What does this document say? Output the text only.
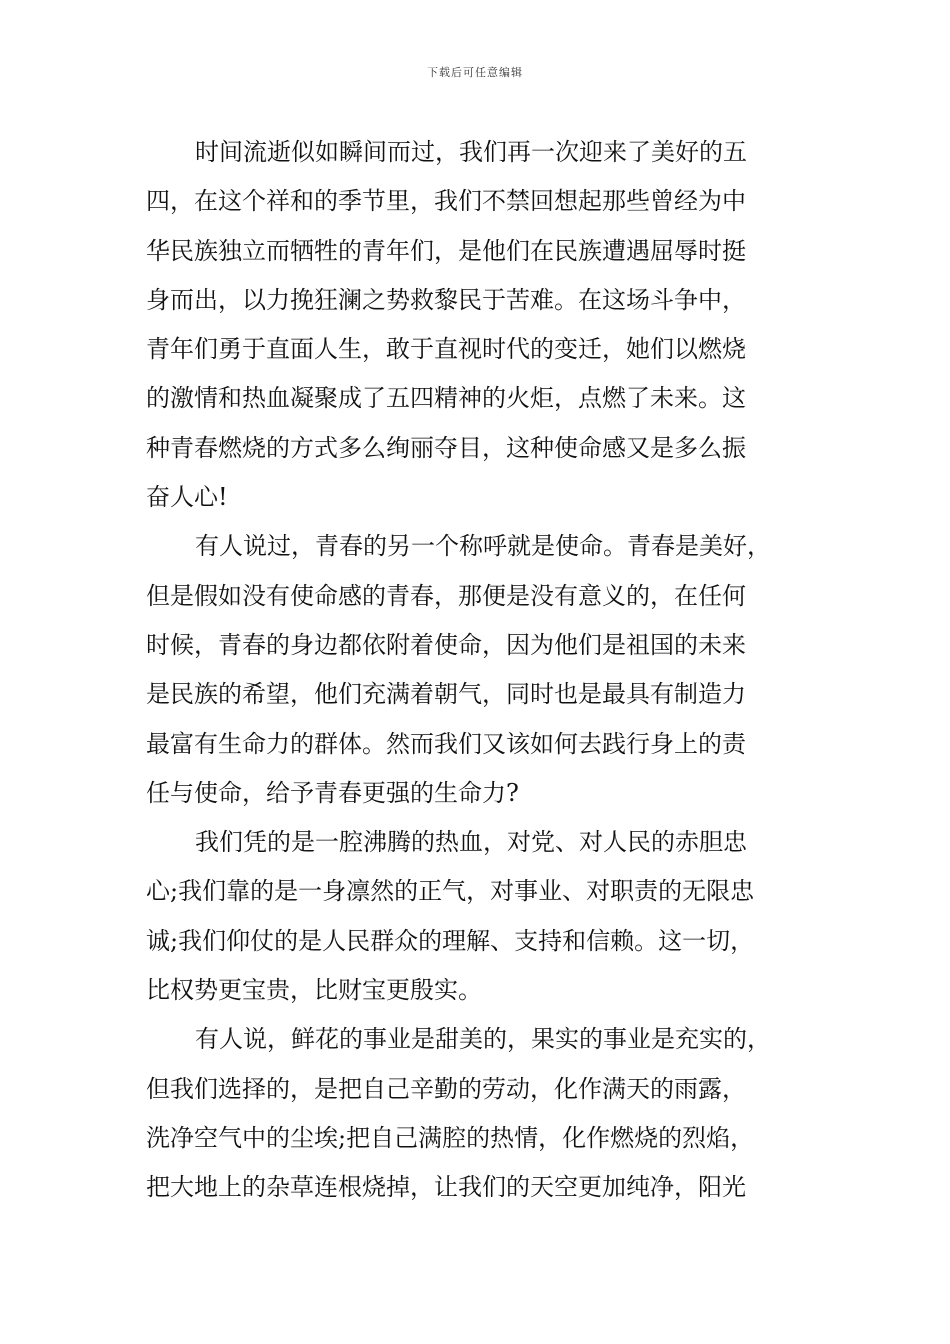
下载后可任意编辑
时间流逝似如瞬间而过，我们再一次迎来了美好的五
四，在这个祥和的季节里，我们不禁回想起那些曾经为中
华民族独立而牺牲的青年们，是他们在民族遭遇屈辱时挺
身而出，以力挽狂澜之势救黎民于苦难。在这场斗争中，
青年们勇于直面人生，敢于直视时代的变迁，她们以燃烧
的激情和热血凝聚成了五四精神的火炬，点燃了未来。这
种青春燃烧的方式多么绚丽夺目，这种使命感又是多么振
奋人心!
有人说过，青春的另一个称呼就是使命。青春是美好，
但是假如没有使命感的青春，那便是没有意义的，在任何
时候，青春的身边都依附着使命，因为他们是祖国的未来
是民族的希望，他们充满着朝气，同时也是最具有制造力
最富有生命力的群体。然而我们又该如何去践行身上的责
任与使命，给予青春更强的生命力?
我们凭的是一腔沸腾的热血，对党、对人民的赤胆忠
心;我们靠的是一身凛然的正气，对事业、对职责的无限忠
诚;我们仰仗的是人民群众的理解、支持和信赖。这一切，
比权势更宝贵，比财宝更殷实。
有人说，鲜花的事业是甜美的，果实的事业是充实的，
但我们选择的，是把自己辛勤的劳动，化作满天的雨露，
洗净空气中的尘埃;把自己满腔的热情，化作燃烧的烈焰，
把大地上的杂草连根烧掉，让我们的天空更加纯净，阳光
